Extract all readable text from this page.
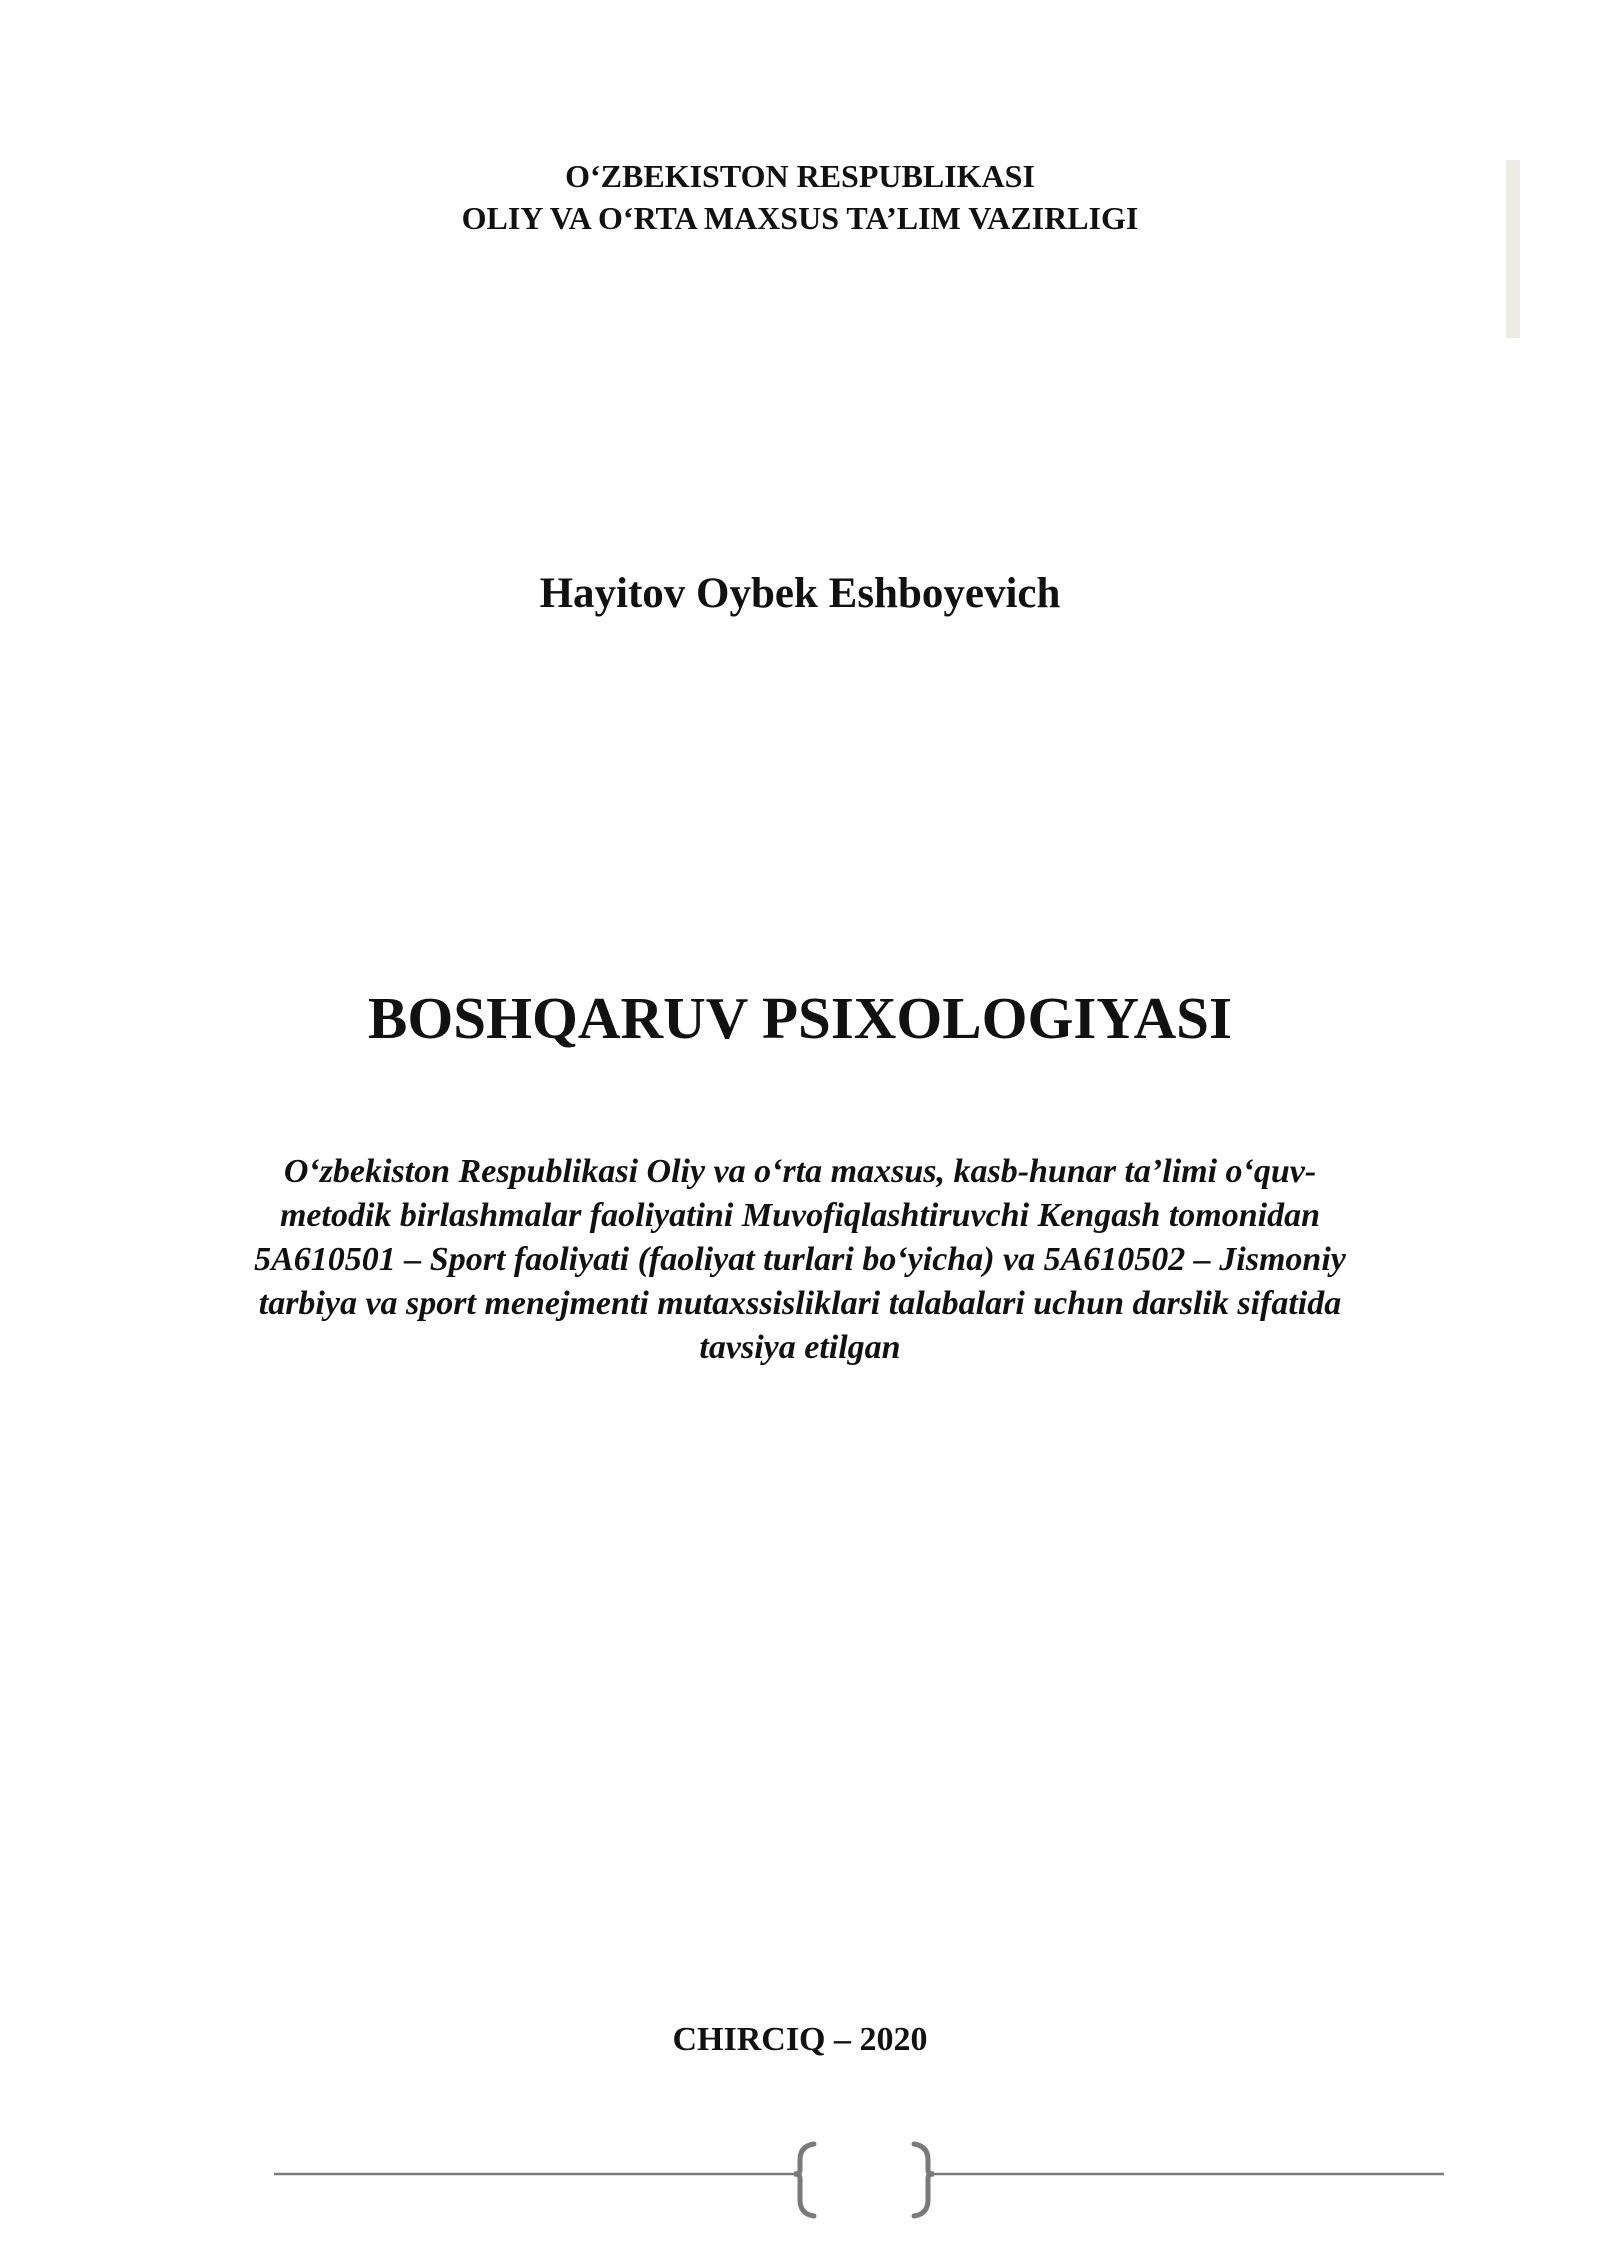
O‘ZBEKISTON RESPUBLIKASI
OLIY VA O‘RTA MAXSUS TA’LIM VAZIRLIGI
Hayitov Oybek Eshboyevich
BOSHQARUV PSIXOLOGIYASI
O‘zbekiston Respublikasi Oliy va o‘rta maxsus, kasb-hunar ta’limi o‘quv-
metodik birlashmalar faoliyatini Muvofiqlashtiruvchi Kengash tomonidan
5A610501 – Sport faoliyati (faoliyat turlari bo‘yicha) va 5A610502 – Jismoniy
tarbiya va sport menejmenti mutaxssisliklari talabalari uchun darslik sifatida
tavsiya etilgan
CHIRCIQ – 2020
